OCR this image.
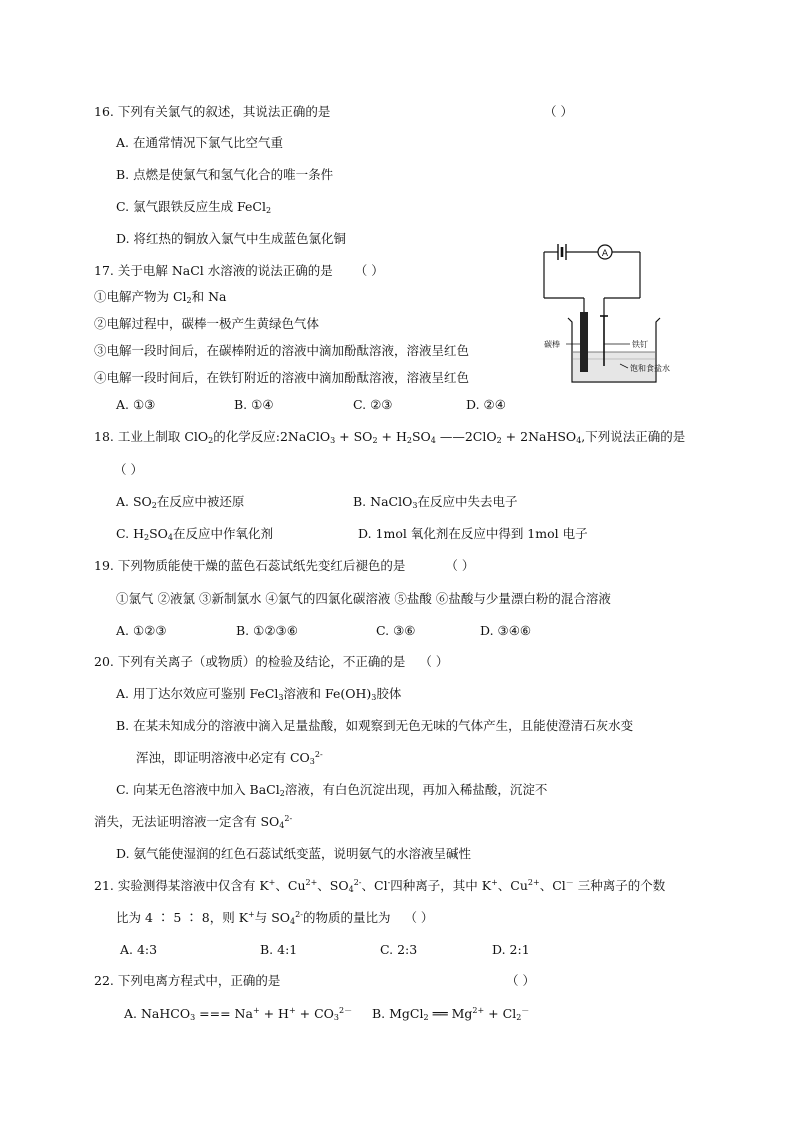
16. 下列有关氯气的叙述，其说法正确的是	（ ）
A. 在通常情况下氯气比空气重
B. 点燃是使氯气和氢气化合的唯一条件
C. 氯气跟铁反应生成 FeCl$_2$
D. 将红热的铜放入氯气中生成蓝色氯化铜
17. 关于电解 NaCl 水溶液的说法正确的是 （ ）
①电解产物为 $Cl_2$和 Na
②电解过程中，碳棒一极产生黄绿色气体
③电解一段时间后，在碳棒附近的溶液中滴加酚酞溶液，溶液呈红色
④电解一段时间后，在铁钉附近的溶液中滴加酚酞溶液，溶液呈红色
A. ①③	B. ①④	C. ②③	D. ②④
A
碳棒	铁钉
饱和食盐水
18. 工业上制取 ClO$_2$的化学反应:2NaClO$_3$ + $SO_2 + H_2SO_4$ ——2ClO$_2$ + 2NaHSO$_4$,下列说法正确的是
（ ）
A. $SO_2$在反应中被还原	B. NaClO$_3$在反应中失去电子
C. $H_2SO_4$在反应中作氧化剂	D. 1mol 氧化剂在反应中得到 1mol 电子
19. 下列物质能使干燥的蓝色石蕊试纸先变红后褪色的是	（ ）
①氯气 ②液氯 ③新制氯水 ④氯气的四氯化碳溶液 ⑤盐酸 ⑥盐酸与少量漂白粉的混合溶液
A. ①②③	B. ①②③⑥	C. ③⑥	D. ③④⑥
20. 下列有关离子（或物质）的检验及结论，不正确的是 （ ）
A. 用丁达尔效应可鉴别 FeCl$_3$溶液和 $Fe(OH)_3$胶体
B. 在某未知成分的溶液中滴入足量盐酸，如观察到无色无味的气体产生，且能使澄清石灰水变
浑浊，即证明溶液中必定有 $CO_3^{2-}$
C. 向某无色溶液中加入 BaCl$_2$溶液，有白色沉淀出现，再加入稀盐酸，沉淀不
消失，无法证明溶液一定含有 $SO_4^{2-}$
D. 氨气能使湿润的红色石蕊试纸变蓝，说明氨气的水溶液呈碱性
21. 实验测得某溶液中仅含有 K+、$Cu^{2+}$、$SO_4^{2-}$、Cl-四种离子，其中 K+、$Cu^{2+}$、Cl－ 三种离子的个数
比为 4 ∶ 5 ∶ 8，则 K+与 $SO_4^{2-}$的物质的量比为 （ ）
A. 4:3	B. 4:1	C. 2:3	D. 2:1
22. 下列电离方程式中，正确的是	（ ）
A. NaHCO$_3$ === $Na^+ + H^+ + CO_3^{2-}$ B. MgCl$_2$ ══ $Mg^{2+} + Cl_2^-$
